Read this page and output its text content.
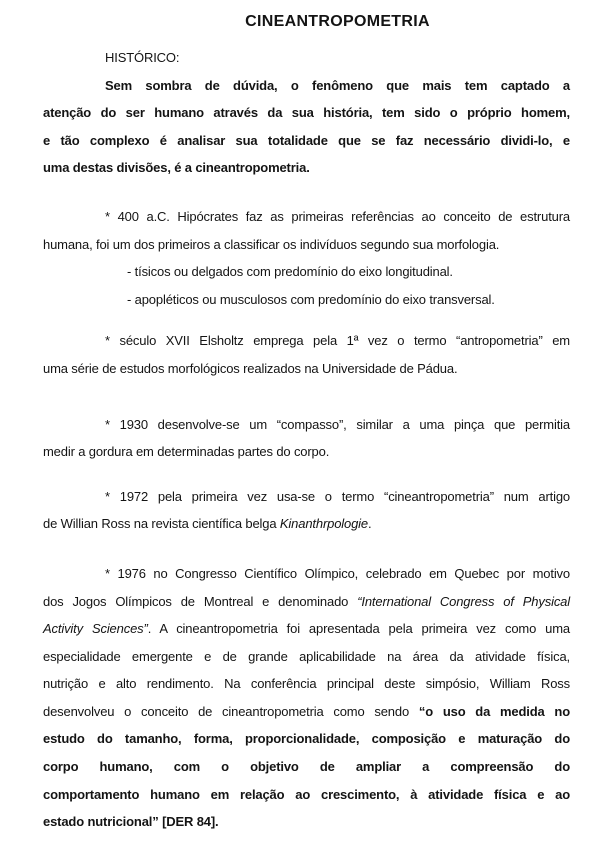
CINEANTROPOMETRIA
HISTÓRICO:
Sem sombra de dúvida, o fenômeno que mais tem captado a
atenção do ser humano através da sua história, tem sido o próprio homem,
e tão complexo é analisar sua totalidade que se faz necessário dividi-lo, e
uma destas divisões, é a cineantropometria.
* 400 a.C. Hipócrates faz as primeiras referências ao conceito de estrutura
humana, foi um dos primeiros a classificar os indivíduos segundo sua morfologia.
- tísicos ou delgados com predomínio do eixo longitudinal.
- apopléticos ou musculosos com predomínio do eixo transversal.
* século XVII Elsholtz emprega pela 1ª vez o termo “antropometria” em
uma série de estudos morfológicos realizados na Universidade de Pádua.
* 1930 desenvolve-se um “compasso”, similar a uma pinça que permitia
medir a gordura em determinadas partes do corpo.
* 1972 pela primeira vez usa-se o termo “cineantropometria” num artigo
de Willian Ross na revista científica belga Kinanthrpologie.
* 1976 no Congresso Científico Olímpico, celebrado em Quebec por motivo
dos Jogos Olímpicos de Montreal e denominado “International Congress of Physical
Activity Sciences”. A cineantropometria foi apresentada pela primeira vez como uma
especialidade emergente e de grande aplicabilidade na área da atividade física,
nutrição e alto rendimento. Na conferência principal deste simpósio, William Ross
desenvolveu o conceito de cineantropometria como sendo “o uso da medida no
estudo do tamanho, forma, proporcionalidade, composição e maturação do
corpo humano, com o objetivo de ampliar a compreensão do
comportamento humano em relação ao crescimento, à atividade física e ao
estado nutricional” [DER 84].
